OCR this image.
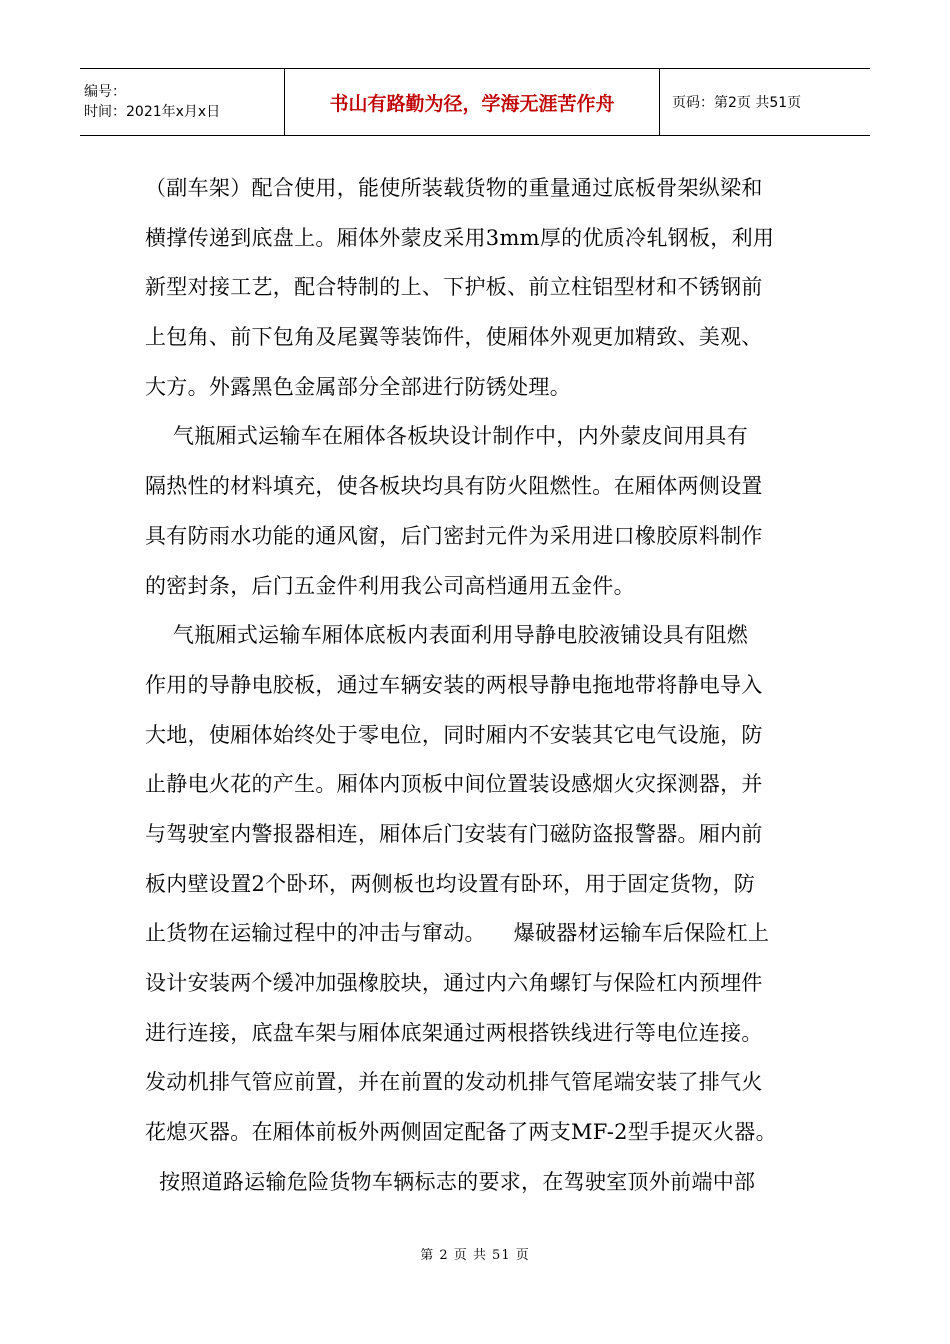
编号：
时间：2021年x月x日	书山有路勤为径，学海无涯苦作舟	页码：第2页 共51页
（副车架）配合使用，能使所装载货物的重量通过底板骨架纵梁和
横撑传递到底盘上。厢体外蒙皮采用3mm厚的优质冷轧钢板，利用
新型对接工艺，配合特制的上、下护板、前立柱铝型材和不锈钢前
上包角、前下包角及尾翼等装饰件，使厢体外观更加精致、美观、
大方。外露黑色金属部分全部进行防锈处理。
气瓶厢式运输车在厢体各板块设计制作中，内外蒙皮间用具有
隔热性的材料填充，使各板块均具有防火阻燃性。在厢体两侧设置
具有防雨水功能的通风窗，后门密封元件为采用进口橡胶原料制作
的密封条，后门五金件利用我公司高档通用五金件。
气瓶厢式运输车厢体底板内表面利用导静电胶液铺设具有阻燃
作用的导静电胶板，通过车辆安装的两根导静电拖地带将静电导入
大地，使厢体始终处于零电位，同时厢内不安装其它电气设施，防
止静电火花的产生。厢体内顶板中间位置装设感烟火灾探测器，并
与驾驶室内警报器相连，厢体后门安装有门磁防盗报警器。厢内前
板内壁设置2个卧环，两侧板也均设置有卧环，用于固定货物，防
止货物在运输过程中的冲击与窜动。    爆破器材运输车后保险杠上
设计安装两个缓冲加强橡胶块，通过内六角螺钉与保险杠内预埋件
进行连接，底盘车架与厢体底架通过两根搭铁线进行等电位连接。
发动机排气管应前置，并在前置的发动机排气管尾端安装了排气火
花熄灭器。在厢体前板外两侧固定配备了两支MF-2型手提灭火器。
按照道路运输危险货物车辆标志的要求，在驾驶室顶外前端中部
第 2 页 共 51 页
